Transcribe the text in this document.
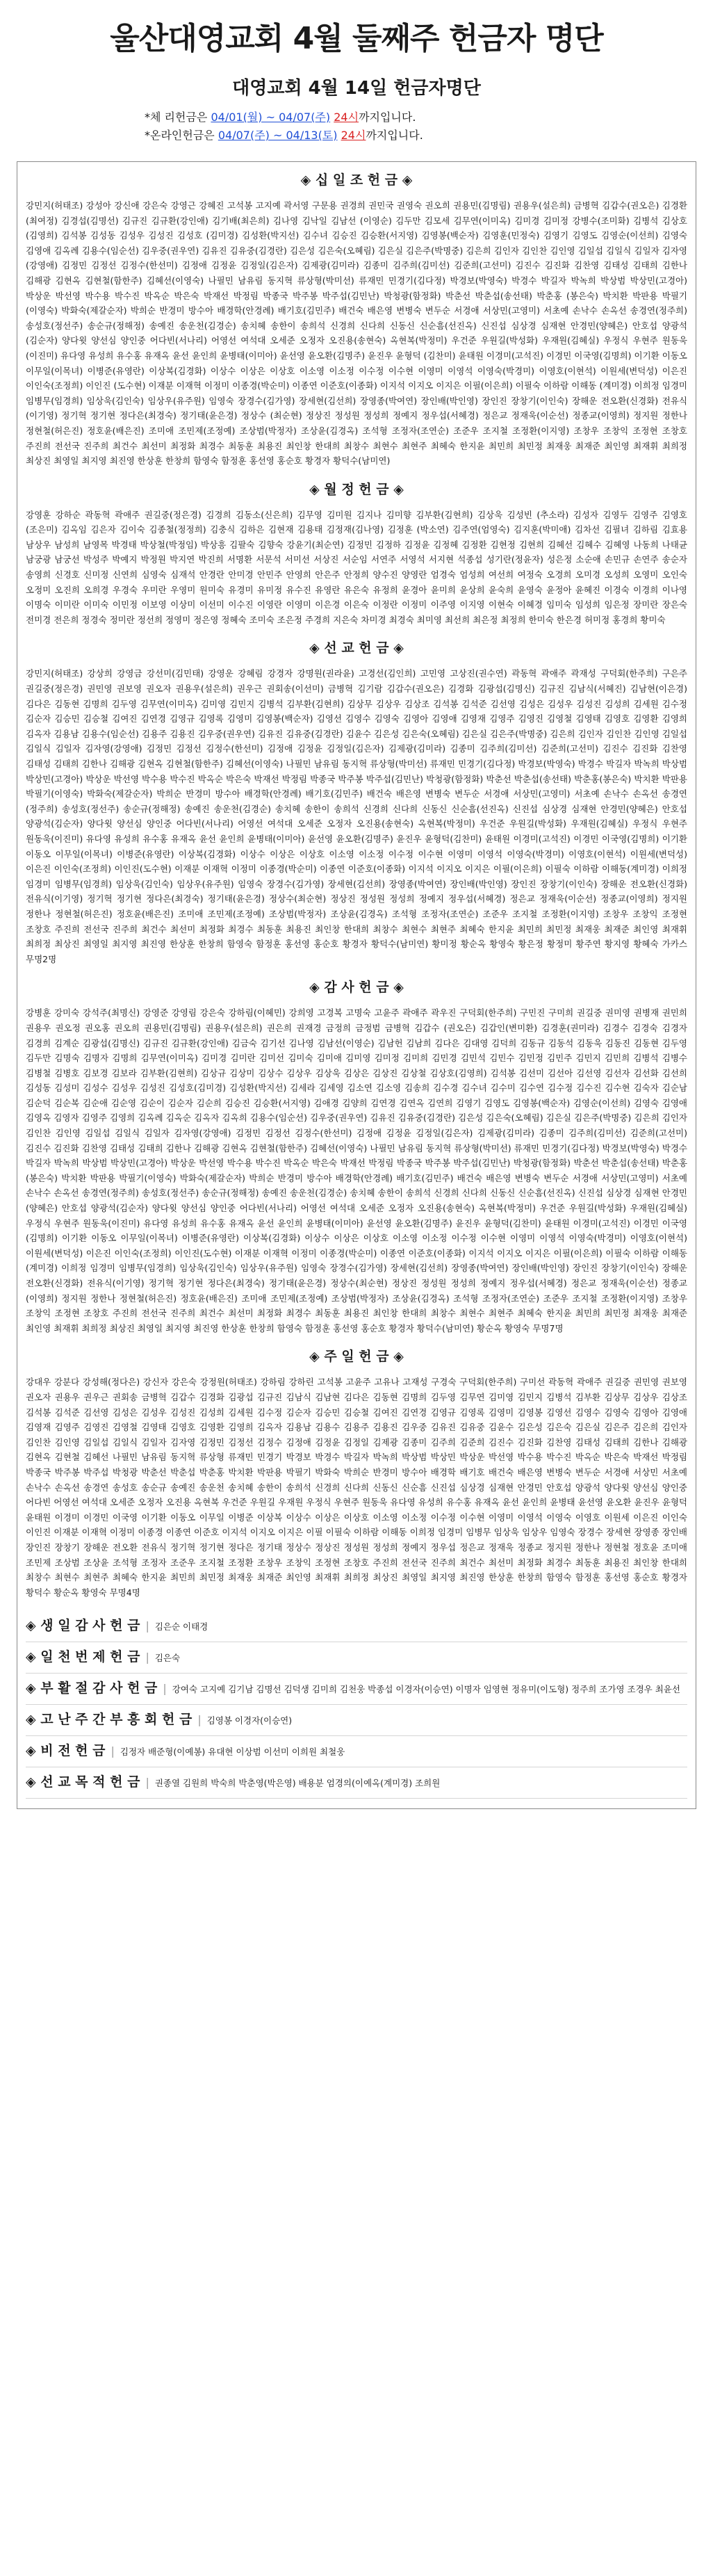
울산대영교회 4월 둘째주 헌금자 명단
대영교회 4월 14일 헌금자명단
*체 리헌금은 04/01(월) ~ 04/07(주) 24시까지입니다.
*온라인헌금은 04/07(주) ~ 04/13(토) 24시까지입니다.
◈ 십 일 조 헌 금 ◈

강민지(허태조) 강성아 강신애 강은숙 강영근 강혜진 고석봉 고지예 곽서영 구문용 권경희 권민국 권영숙 권오희 권용민(김명림) 권용우(설은희) 금병혁 김갑수(권오은) 김경환(최여정) 김경섭(김명선) 김규진 김규환(강인애) 김기배(최은희) 김나영 김낙일 김남선 (이영순) 김두만 김모세 김무연(이미옥) 김미경 김미정 강병수(조미화) 김병석 김상호(김영희) 김석봉 김성동 김성우 김성진 김성호 (김미경) 김성환(박지선) 김수녀 김승진 김승환(서지영) 김영봉(백순자) 김영훈(민정숙) 김영기 김영도 김영순(이선희) 김영숙 김영애 김옥례 김용수(임순선) 김우중(권우연) 김유진 김유중(김경란) 김은성 김은숙(오혜림) 김은실 김은주(박명중) 김은희 김인자 김인찬 김인영 김일섭 김일식 김일자 김자영(강영애) 김정민 김정선 김정수(한선미) 김정애 김정윤 김정일(김은자) 김제광(김미라) 김종미 김주희(김미선) 김준희(고선미) 김진수 김진화 김찬영 김태성 김태희 김한나 김해광 김현옥 김현철(함한주) 김혜선(이영숙) 나필민 남유림 동지혁 류상형(박미선) 류재민 민경기(김다정) 박경보(박영숙) 박경수 박길자 박녹희 박상범 박상민(고경아) 박상운 박선영 박수용 박수진 박옥순 박은숙 박재선 박정림 박종국 박주봉 박주섭(김민난) 박청광(함정화) 박춘선 박춘섭(송선태) 박춘홍 (봉은숙) 박치환 박판용 박필기(이영숙) 박화숙(제갈순자) 박희순 반경미 방수아 배경학(안경례) 배기호(김민주) 배건숙 배은영 변병숙 변두순 서경애 서상민(고영미) 서초예 손낙수 손옥선 송경연(정주희) 송성호(정선주) 송순규(정해정) 송예진 송운천(김경순) 송치혜 송한이 송희석 신경희 신다희 신동신 신순흠(선진옥) 신진섭 심상경 심재현 안경민(양혜은) 안호섭 양광석(김순자) 양다윗 양선심 양인중 어다빈(서나리) 어영선 여석대 오세준 오정자 오진용(송현숙) 옥현복(박정미) 우건준 우원길(박성화) 우재원(김혜실) 우정식 우현주 원동욱(이진미) 유다영 유성희 유수홍 유재옥 윤선 윤인희 윤병태(이미아) 윤선영 윤오환(김명주) 윤진우 윤형덕 (김찬미) 윤태원 이경미(고석진) 이경민 이국영(김명희) 이기환 이동오 이무일(이목녀) 이병준(유영란) 이상복(김경화) 이상수 이상은 이상호 이소영 이소정 이수정 이수현 이영미 이영석 이영숙(박경미) 이영호(이현석) 이원세(변덕성) 이은진 이인숙(조정희) 이인진 (도수현) 이재분 이재혁 이정미 이종경(박순미) 이종연 이준호(이종화) 이지석 이지오 이지은 이필(이은희) 이필숙 이하람 이해동 (계미경) 이희정 임경미 임병무(임경희) 임상욱(김인숙) 임상우(유주원) 임영숙 장경수(김가영) 장세현(김선희) 장영종(박여연) 장인배(박인영) 장인진 장창기(이인숙) 장해운 전오환(신경화) 전유식(이기영) 정기혁 정기현 정다은(최경숙) 정기태(윤은경) 정상수 (최순현) 정상진 정성원 정성희 정예지 정우섭(서혜경) 정은교 정재욱(이순선) 정종교(이영희) 정지원 정한나 정현철(허은진) 정호윤(배은진) 조미애 조민제(조정예) 조상범(박정자) 조상윤(김경옥) 조석형 조정자(조연순) 조준우 조지철 조정환(이지영) 조창우 조창익 조정현 조창호 주진희 전선국 진주희 최건수 최선미 최정화 최경수 최동훈 최용진 최인창 한대희 최창수 최현수 최현주 최혜숙 한지윤 최민희 최민정 최재웅 최재준 최인영 최재휘 최희정 최상진 최영일 최지영 최진영 한상훈 한창희 함영숙 함정훈 홍선영 홍순호 황경자 황덕수(남미연)

◈ 월 정 헌 금 ◈

강영훈 강하순 곽동혁 곽애주 권길중(정은경) 김경희 김동소(신은희) 김무영 김미원 김지나 김미향 김부환(김현희) 김상욱 김성빈 (추소라) 김성자 김영두 김영주 김영호(조은미) 김옥임 김은자 김이숙 김종철(정정희) 김충식 김하은 김현재 김용태 김정재(김나영) 김정훈 (박소연) 김주연(엄영숙) 김지훈(박미애) 김차선 김필녀 김하림 김효용 남상우 남성희 남영목 박경태 박상철(박정임) 박상흥 김팔숙 김향숙 강윤기(최순연) 김정민 김정하 김정윤 김정혜 김정환 김현정 김현희 김혜선 김혜수 김혜영 나동희 나태균 남궁광 남궁선 박성주 박예지 박정원 박지연 박진희 서명환 서문석 서미선 서상진 서순임 서연주 서영석 서지현 석종섭 성기란(정윤자) 성은정 소순애 손민규 손연주 송순자 송영희 신경호 신미정 신연희 심영숙 심재석 안경란 안미경 안민주 안영희 안은주 안정희 양수진 양영란 엄경숙 엄성희 여선희 여정숙 오경희 오미경 오성희 오영미 오인숙 오정미 오진희 오희경 우경숙 우미란 우영미 원미숙 유경미 유미정 유수진 유영란 유은숙 유정희 윤경아 윤미희 윤상희 윤숙희 윤영숙 윤정아 윤혜진 이경숙 이경희 이나영 이명숙 이미란 이미숙 이민정 이보영 이상미 이선미 이수진 이영란 이영미 이은경 이은숙 이정란 이정미 이주영 이지영 이현숙 이혜경 임미숙 임성희 임은정 장미란 장은숙 전미경 전은희 정경숙 정미란 정선희 정영미 정은영 정혜숙 조미숙 조은정 주경희 지은숙 차미경 최경숙 최미영 최선희 최은정 최정희 한미숙 한은경 허미정 홍경희 황미숙

◈ 선 교 헌 금 ◈

강민지(허태조) 강상희 강영금 강선미(김민태) 강영운 강혜림 강경자 강명원(권라윤) 고경선(김인희) 고민영 고상진(권수연) 곽동혁 곽애주 곽재성 구덕회(한주희) 구은주 권길중(정은경) 권민영 권보영 권오자 권용우(설은희) 권우근 권회송(이선미) 금병혁 김기람 김갑수(권오은) 김경화 김광섭(김명신) 김규진 김남식(서혜진) 김남현(이은경) 김다은 김동현 김명희 김두영 김무연(이미옥) 김미영 김민지 김병석 김부환(김현희) 김상무 김상우 김상조 김석봉 김석준 김선영 김성은 김성우 김성진 김성희 김세원 김수정 김순자 김승민 김승철 김여진 김연경 김영규 김영록 김영미 김영봉(백순자) 김영선 김영수 김영숙 김영아 김영애 김영재 김영주 김영진 김영철 김영태 김영호 김영환 김영희 김옥자 김용남 김용수(임순선) 김용주 김용진 김우중(권우연) 김유진 김유중(김경란) 김윤수 김은성 김은숙(오혜림) 김은실 김은주(박명중) 김은희 김인자 김인찬 김인영 김일섭 김일식 김일자 김자영(강영애) 김정민 김정선 김정수(한선미) 김정애 김정윤 김정일(김은자) 김제광(김미라) 김종미 김주희(김미선) 김준희(고선미) 김진수 김진화 김찬영 김태성 김태희 김한나 김해광 김현옥 김현철(함한주) 김혜선(이영숙) 나필민 남유림 동지혁 류상형(박미선) 류재민 민경기(김다정) 박경보(박영숙) 박경수 박길자 박녹희 박상범 박상민(고경아) 박상운 박선영 박수용 박수진 박옥순 박은숙 박재선 박정림 박종국 박주봉 박주섭(김민난) 박청광(함정화) 박춘선 박춘섭(송선태) 박춘홍(봉은숙) 박치환 박판용 박필기(이영숙) 박화숙(제갈순자) 박희순 반경미 방수아 배경학(안경례) 배기호(김민주) 배건숙 배은영 변병숙 변두순 서경애 서상민(고영미) 서초예 손낙수 손옥선 송경연(정주희) 송성호(정선주) 송순규(정해정) 송예진 송운천(김경순) 송치혜 송한이 송희석 신경희 신다희 신동신 신순흠(선진옥) 신진섭 심상경 심재현 안경민(양혜은) 안호섭 양광석(김순자) 양다윗 양선심 양인중 어다빈(서나리) 어영선 여석대 오세준 오정자 오진용(송현숙) 옥현복(박정미) 우건준 우원길(박성화) 우재원(김혜실) 우정식 우현주 원동욱(이진미) 유다영 유성희 유수홍 유재옥 윤선 윤인희 윤병태(이미아) 윤선영 윤오환(김명주) 윤진우 윤형덕(김찬미) 윤태원 이경미(고석진) 이경민 이국영(김명희) 이기환 이동오 이무일(이목녀) 이병준(유영란) 이상복(김경화) 이상수 이상은 이상호 이소영 이소정 이수정 이수현 이영미 이영석 이영숙(박경미) 이영호(이현석) 이원세(변덕성) 이은진 이인숙(조정희) 이인진(도수현) 이재분 이재혁 이정미 이종경(박순미) 이종연 이준호(이종화) 이지석 이지오 이지은 이필(이은희) 이필숙 이하람 이해동(계미경) 이희정 임경미 임병무(임경희) 임상욱(김인숙) 임상우(유주원) 임영숙 장경수(김가영) 장세현(김선희) 장영종(박여연) 장인배(박인영) 장인진 장창기(이인숙) 장해운 전오환(신경화) 전유식(이기영) 정기혁 정기현 정다은(최경숙) 정기태(윤은경) 정상수(최순현) 정상진 정성원 정성희 정예지 정우섭(서혜경) 정은교 정재욱(이순선) 정종교(이영희) 정지원 정한나 정현철(허은진) 정호윤(배은진) 조미애 조민제(조정예) 조상범(박정자) 조상윤(김경옥) 조석형 조정자(조연순) 조준우 조지철 조정환(이지영) 조창우 조창익 조정현 조창호 주진희 전선국 진주희 최건수 최선미 최정화 최경수 최동훈 최용진 최인창 한대희 최창수 최현수 최현주 최혜숙 한지윤 최민희 최민정 최재웅 최재준 최인영 최재휘 최희정 최상진 최영일 최지영 최진영 한상훈 한창희 함영숙 함정훈 홍선영 홍순호 황경자 황덕수(남미연) 황미정 황순옥 황영숙 황은정 황정미 황주연 황지영 황혜숙 가카스 무명2명

◈ 감 사 헌 금 ◈

강병훈 강미숙 강석주(최명신) 강영준 강영림 강은숙 강하림(이혜민) 강희영 고경복 고명숙 고윤주 곽애주 곽우진 구덕회(한주희) 구민진 구미희 권길중 권미영 권병재 권민희 권용우 권오정 권오홍 권오희 권용민(김명림) 권용우(설은희) 권은희 권재경 금정희 금정범 금병혁 김갑수 (권오은) 김갑인(변미환) 김경훈(권미라) 김경수 김경숙 김경자 김경희 김계순 김광섭(김명신) 김규진 김규환(강인애) 김금숙 김기선 김나영 김남선(이영순) 김남헌 김남희 김다은 김대영 김덕희 김동규 김동석 김동욱 김동진 김동현 김두영 김두만 김명숙 김명자 김명희 김무연(이미옥) 김미경 김미란 김미선 김미숙 김미애 김미영 김미정 김미희 김민경 김민석 김민수 김민정 김민주 김민지 김민희 김병석 김병수 김병철 김병호 김보경 김보라 김부환(김현희) 김상규 김상미 김상수 김상우 김상욱 김상은 김상진 김상철 김상호(김영희) 김석봉 김선미 김선아 김선영 김선자 김선화 김선희 김성동 김성미 김성수 김성우 김성진 김성호(김미경) 김성환(박지선) 김세라 김세영 김소연 김소영 김송희 김수경 김수녀 김수미 김수연 김수정 김수진 김수현 김숙자 김순남 김순덕 김순복 김순애 김순영 김순이 김순자 김순희 김승진 김승환(서지영) 김애경 김양희 김연경 김연옥 김연희 김영기 김영도 김영봉(백순자) 김영순(이선희) 김영숙 김영애 김영옥 김영자 김영주 김영희 김옥례 김옥순 김옥자 김옥희 김용수(임순선) 김우중(권우연) 김유진 김유중(김경란) 김은성 김은숙(오혜림) 김은실 김은주(박명중) 김은희 김인자 김인찬 김인영 김일섭 김일식 김일자 김자영(강영애) 김정민 김정선 김정수(한선미) 김정애 김정윤 김정일(김은자) 김제광(김미라) 김종미 김주희(김미선) 김준희(고선미) 김진수 김진화 김찬영 김태성 김태희 김한나 김해광 김현옥 김현철(함한주) 김혜선(이영숙) 나필민 남유림 동지혁 류상형(박미선) 류재민 민경기(김다정) 박경보(박영숙) 박경수 박길자 박녹희 박상범 박상민(고경아) 박상운 박선영 박수용 박수진 박옥순 박은숙 박재선 박정림 박종국 박주봉 박주섭(김민난) 박청광(함정화) 박춘선 박춘섭(송선태) 박춘홍(봉은숙) 박치환 박판용 박필기(이영숙) 박화숙(제갈순자) 박희순 반경미 방수아 배경학(안경례) 배기호(김민주) 배건숙 배은영 변병숙 변두순 서경애 서상민(고영미) 서초예 손낙수 손옥선 송경연(정주희) 송성호(정선주) 송순규(정해정) 송예진 송운천(김경순) 송치혜 송한이 송희석 신경희 신다희 신동신 신순흠(선진옥) 신진섭 심상경 심재현 안경민(양혜은) 안호섭 양광석(김순자) 양다윗 양선심 양인중 어다빈(서나리) 어영선 여석대 오세준 오정자 오진용(송현숙) 옥현복(박정미) 우건준 우원길(박성화) 우재원(김혜실) 우정식 우현주 원동욱(이진미) 유다영 유성희 유수홍 유재옥 윤선 윤인희 윤병태(이미아) 윤선영 윤오환(김명주) 윤진우 윤형덕(김찬미) 윤태원 이경미(고석진) 이경민 이국영(김명희) 이기환 이동오 이무일(이목녀) 이병준(유영란) 이상복(김경화) 이상수 이상은 이상호 이소영 이소정 이수정 이수현 이영미 이영석 이영숙(박경미) 이영호(이현석) 이원세(변덕성) 이은진 이인숙(조정희) 이인진(도수현) 이재분 이재혁 이정미 이종경(박순미) 이종연 이준호(이종화) 이지석 이지오 이지은 이필(이은희) 이필숙 이하람 이해동(계미경) 이희정 임경미 임병무(임경희) 임상욱(김인숙) 임상우(유주원) 임영숙 장경수(김가영) 장세현(김선희) 장영종(박여연) 장인배(박인영) 장인진 장창기(이인숙) 장해운 전오환(신경화) 전유식(이기영) 정기혁 정기현 정다은(최경숙) 정기태(윤은경) 정상수(최순현) 정상진 정성원 정성희 정예지 정우섭(서혜경) 정은교 정재욱(이순선) 정종교(이영희) 정지원 정한나 정현철(허은진) 정호윤(배은진) 조미애 조민제(조정예) 조상범(박정자) 조상윤(김경옥) 조석형 조정자(조연순) 조준우 조지철 조정환(이지영) 조창우 조창익 조정현 조창호 주진희 전선국 진주희 최건수 최선미 최정화 최경수 최동훈 최용진 최인창 한대희 최창수 최현수 최현주 최혜숙 한지윤 최민희 최민정 최재웅 최재준 최인영 최재휘 최희정 최상진 최영일 최지영 최진영 한상훈 한창희 함영숙 함정훈 홍선영 홍순호 황경자 황덕수(남미연) 황순옥 황영숙 무명7명

◈ 주 일 헌 금 ◈

강대우 강분다 강성해(정다은) 강신자 강은숙 강정원(허태조) 강하림 강하린 고석봉 고윤주 고유나 고재성 구경숙 구덕회(한주희) 구미선 곽동혁 곽애주 권길중 권민영 권보영 권오자 권용우 권우근 권회송 금병혁 김갑수 김경화 김광섭 김규진 김남식 김남현 김다은 김동현 김명희 김두영 김무연 김미영 김민지 김병석 김부환 김상무 김상우 김상조 김석봉 김석준 김선영 김성은 김성우 김성진 김성희 김세원 김수정 김순자 김승민 김승철 김여진 김연경 김영규 김영록 김영미 김영봉 김영선 김영수 김영숙 김영아 김영애 김영재 김영주 김영진 김영철 김영태 김영호 김영환 김영희 김옥자 김용남 김용수 김용주 김용진 김우중 김유진 김유중 김윤수 김은성 김은숙 김은실 김은주 김은희 김인자 김인찬 김인영 김일섭 김일식 김일자 김자영 김정민 김정선 김정수 김정애 김정윤 김정일 김제광 김종미 김주희 김준희 김진수 김진화 김찬영 김태성 김태희 김한나 김해광 김현옥 김현철 김혜선 나필민 남유림 동지혁 류상형 류재민 민경기 박경보 박경수 박길자 박녹희 박상범 박상민 박상운 박선영 박수용 박수진 박옥순 박은숙 박재선 박정림 박종국 박주봉 박주섭 박청광 박춘선 박춘섭 박춘홍 박치환 박판용 박필기 박화숙 박희순 반경미 방수아 배경학 배기호 배건숙 배은영 변병숙 변두순 서경애 서상민 서초예 손낙수 손옥선 송경연 송성호 송순규 송예진 송운천 송치혜 송한이 송희석 신경희 신다희 신동신 신순흠 신진섭 심상경 심재현 안경민 안호섭 양광석 양다윗 양선심 양인중 어다빈 어영선 여석대 오세준 오정자 오진용 옥현복 우건준 우원길 우재원 우정식 우현주 원동욱 유다영 유성희 유수홍 유재옥 윤선 윤인희 윤병태 윤선영 윤오환 윤진우 윤형덕 윤태원 이경미 이경민 이국영 이기환 이동오 이무일 이병준 이상복 이상수 이상은 이상호 이소영 이소정 이수정 이수현 이영미 이영석 이영숙 이영호 이원세 이은진 이인숙 이인진 이재분 이재혁 이정미 이종경 이종연 이준호 이지석 이지오 이지은 이필 이필숙 이하람 이해동 이희정 임경미 임병무 임상욱 임상우 임영숙 장경수 장세현 장영종 장인배 장인진 장창기 장해운 전오환 전유식 정기혁 정기현 정다은 정기태 정상수 정상진 정성원 정성희 정예지 정우섭 정은교 정재욱 정종교 정지원 정한나 정현철 정호윤 조미애 조민제 조상범 조상윤 조석형 조정자 조준우 조지철 조정환 조창우 조창익 조정현 조창호 주진희 전선국 진주희 최건수 최선미 최정화 최경수 최동훈 최용진 최인창 한대희 최창수 최현수 최현주 최혜숙 한지윤 최민희 최민정 최재웅 최재준 최인영 최재휘 최희정 최상진 최영일 최지영 최진영 한상훈 한창희 함영숙 함정훈 홍선영 홍순호 황경자 황덕수 황순옥 황영숙 무명4명

◈ 생 일 감 사 헌 금 | 김은순 이태경
◈ 일 천 번 제 헌 금 | 김은숙
◈ 부 활 절 감 사 헌 금 | 강여숙 고지예 김기남 김명선 김덕생 김미희 김천웅 박종섭 이경자(이승연) 이명자 임영현 정유미(이도형) 정주희 조가영 조경우 최윤선
◈ 고 난 주 간 부 흥 회 헌 금 | 김영봉 이경자(이승연)
◈ 비 전 헌 금 | 김정자 배준형(이예봉) 유대현 이상범 이선미 이희원 최철웅
◈ 선 교 목 적 헌 금 | 권종열 김원희 박숙희 박춘영(박은영) 배용분 엄경의(이예옥(계미경) 조희원
